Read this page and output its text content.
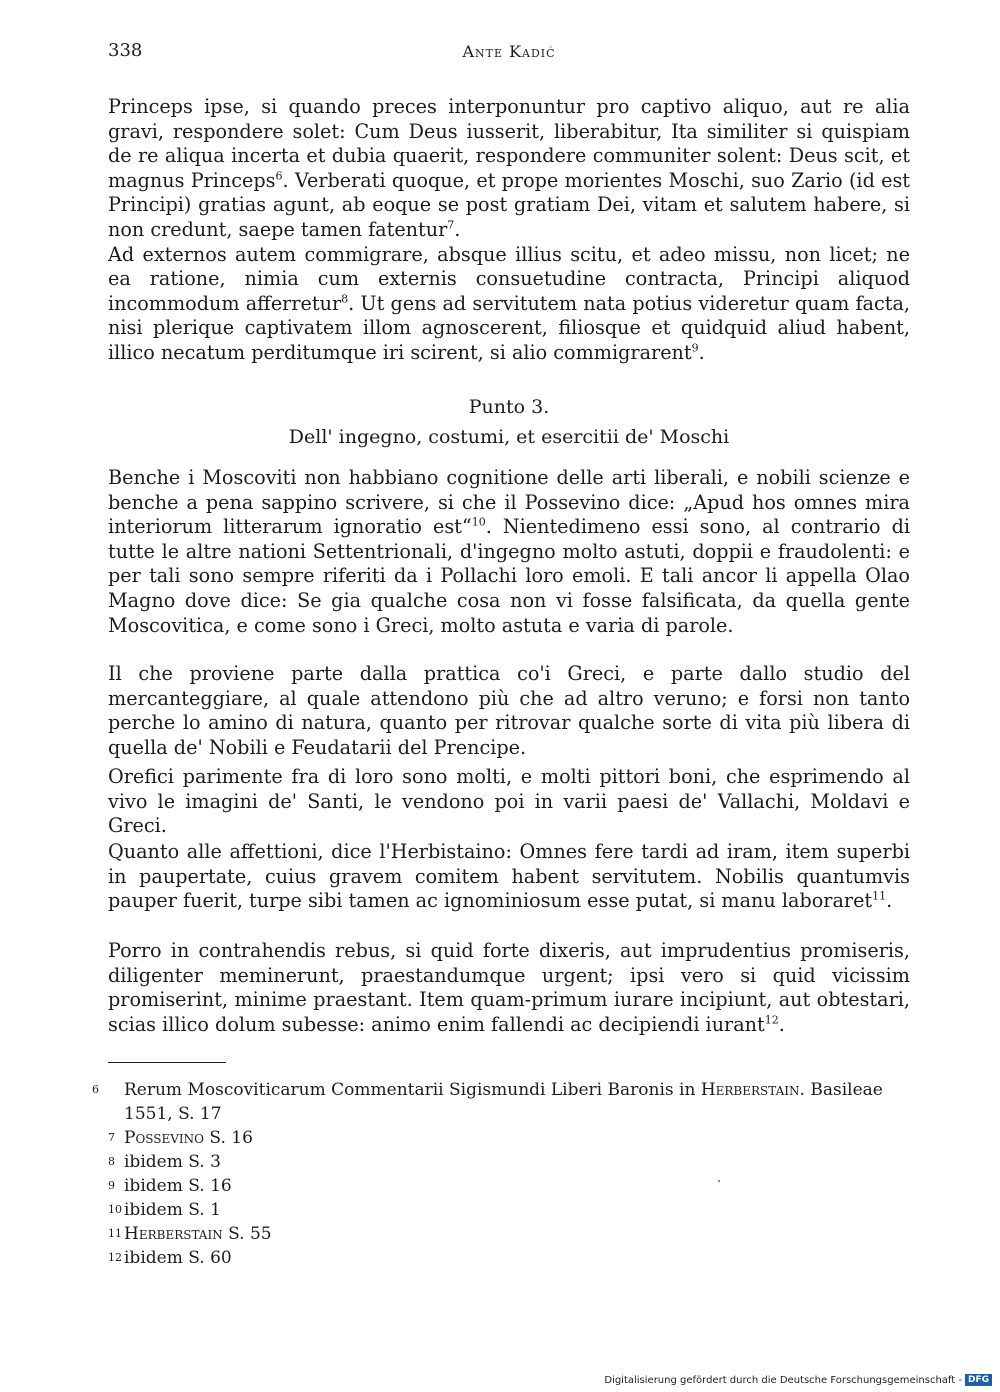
338	Ante Kadić

Princeps ipse, si quando preces interponuntur pro captivo aliquo, aut re alia gravi, respondere solet: Cum Deus iusserit, liberabitur, Ita similiter si quispiam de re aliqua incerta et dubia quaerit, respondere communiter solent: Deus scit, et magnus Princeps$^6$. Verberati quoque, et prope morientes Moschi, suo Zario (id est Principi) gratias agunt, ab eoque se post gratiam Dei, vitam et salutem habere, si non credunt, saepe tamen fatentur$^7$.

Ad externos autem commigrare, absque illius scitu, et adeo missu, non licet; ne ea ratione, nimia cum externis consuetudine contracta, Principi aliquod incommodum afferretur$^8$. Ut gens ad servitutem nata potius videretur quam facta, nisi plerique captivatem illom agnoscerent, filiosque et quidquid aliud habent, illico necatum perditumque iri scirent, si alio commigrarent$^9$.

Punto 3.
Dell' ingegno, costumi, et esercitii de' Moschi

Benche i Moscoviti non habbiano cognitione delle arti liberali, e nobili scienze e benche a pena sappino scrivere, si che il Possevino dice: „Apud hos omnes mira interiorum litterarum ignoratio est“$^{10}$. Nientedimeno essi sono, al contrario di tutte le altre nationi Settentrionali, d'ingegno molto astuti, doppii e fraudolenti: e per tali sono sempre riferiti da i Pollachi loro emoli. E tali ancor li appella Olao Magno dove dice: Se gia qualche cosa non vi fosse falsificata, da quella gente Moscovitica, e come sono i Greci, molto astuta e varia di parole.

Il che proviene parte dalla prattica co'i Greci, e parte dallo studio del mercanteggiare, al quale attendono più che ad altro veruno; e forsi non tanto perche lo amino di natura, quanto per ritrovar qualche sorte di vita più libera di quella de' Nobili e Feudatarii del Prencipe.

Orefici parimente fra di loro sono molti, e molti pittori boni, che esprimendo al vivo le imagini de' Santi, le vendono poi in varii paesi de' Vallachi, Moldavi e Greci.

Quanto alle affettioni, dice l'Herbistaino: Omnes fere tardi ad iram, item superbi in paupertate, cuius gravem comitem habent servitutem. Nobilis quantumvis pauper fuerit, turpe sibi tamen ac ignominiosum esse putat, si manu laboraret$^{11}$.

Porro in contrahendis rebus, si quid forte dixeris, aut imprudentius promiseris, diligenter meminerunt, praestandumque urgent; ipsi vero si quid vicissim promiserint, minime praestant. Item quam-primum iurare incipiunt, aut obtestari, scias illico dolum subesse: animo enim fallendi ac decipiendi iurant$^{12}$.

6 Rerum Moscoviticarum Commentarii Sigismundi Liberi Baronis in Herberstain. Basileae 1551, S. 17

7 Possevino S. 16

8 ibidem S. 3

9 ibidem S. 16

10 ibidem S. 1

11 Herberstain S. 55

12 ibidem S. 60

Digitalisierung gefördert durch die Deutsche Forschungsgemeinschaft - DFG
